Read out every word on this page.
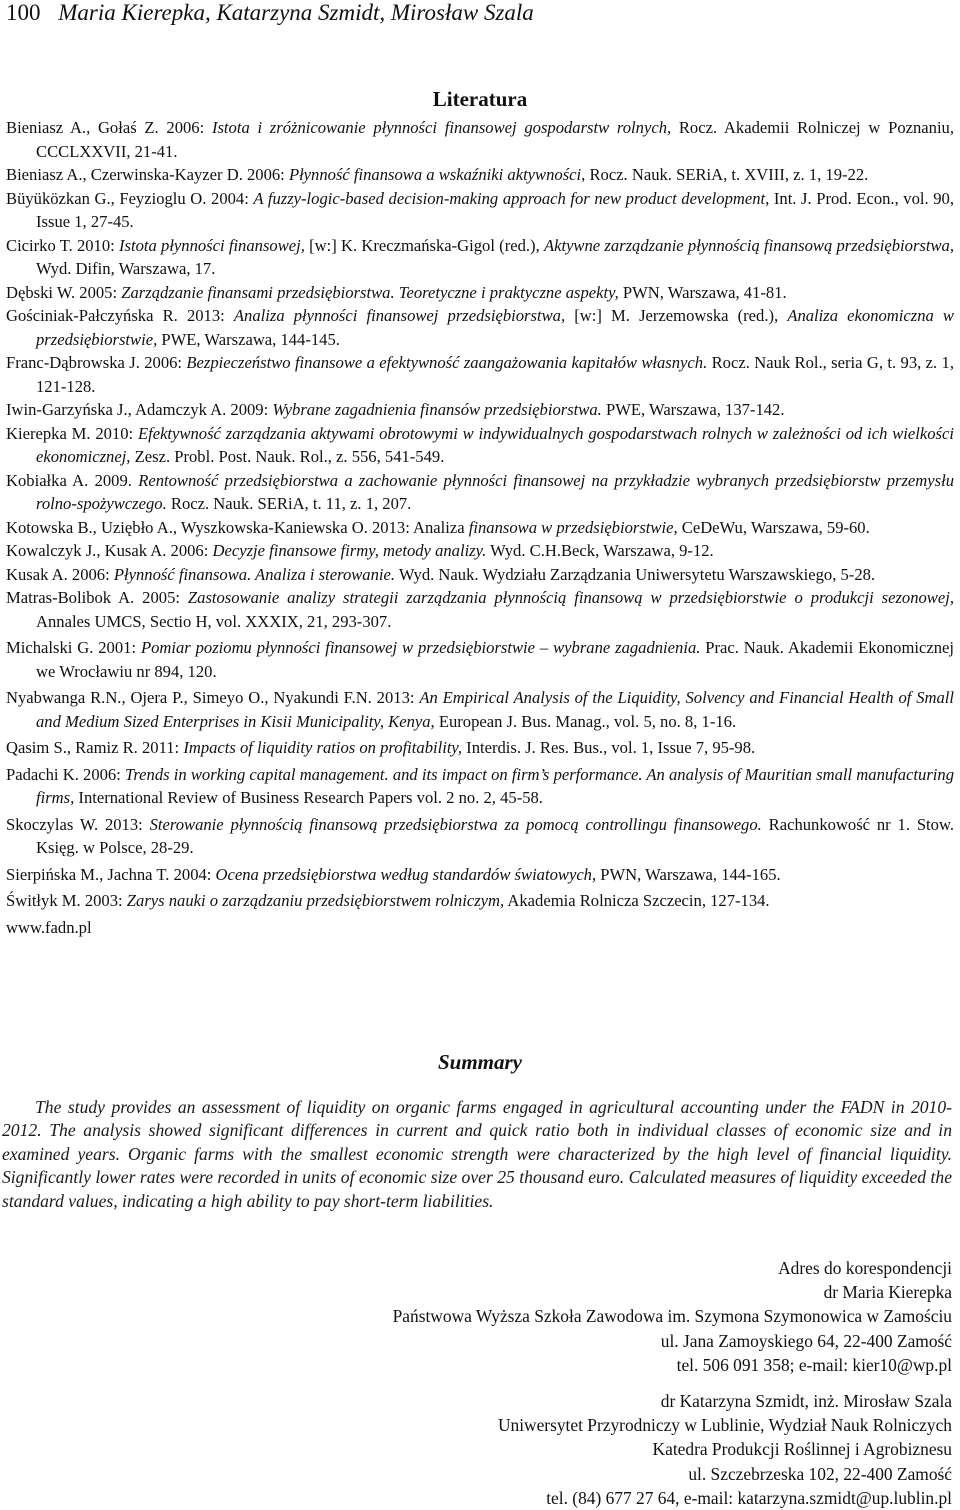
100 Maria Kierepka, Katarzyna Szmidt, Mirosław Szala
Literatura
Bieniasz A., Gołaś Z. 2006: Istota i zróżnicowanie płynności finansowej gospodarstw rolnych, Rocz. Akademii Rolniczej w Poznaniu, CCCLXXVII, 21-41.
Bieniasz A., Czerwinska-Kayzer D. 2006: Płynność finansowa a wskaźniki aktywności, Rocz. Nauk. SERiA, t. XVIII, z. 1, 19-22.
Büyüközkan G., Feyzioglu O. 2004: A fuzzy-logic-based decision-making approach for new product development, Int. J. Prod. Econ., vol. 90, Issue 1, 27-45.
Cicirko T. 2010: Istota płynności finansowej, [w:] K. Kreczmańska-Gigol (red.), Aktywne zarządzanie płynnością finansową przedsiębiorstwa, Wyd. Difin, Warszawa, 17.
Dębski W. 2005: Zarządzanie finansami przedsiębiorstwa. Teoretyczne i praktyczne aspekty, PWN, Warszawa, 41-81.
Gościniak-Pałczyńska R. 2013: Analiza płynności finansowej przedsiębiorstwa, [w:] M. Jerzemowska (red.), Analiza ekonomiczna w przedsiębiorstwie, PWE, Warszawa, 144-145.
Franc-Dąbrowska J. 2006: Bezpieczeństwo finansowe a efektywność zaangażowania kapitałów własnych. Rocz. Nauk Rol., seria G, t. 93, z. 1, 121-128.
Iwin-Garzyńska J., Adamczyk A. 2009: Wybrane zagadnienia finansów przedsiębiorstwa. PWE, Warszawa, 137-142.
Kierepka M. 2010: Efektywność zarządzania aktywami obrotowymi w indywidualnych gospodarstwach rolnych w zależności od ich wielkości ekonomicznej, Zesz. Probl. Post. Nauk. Rol., z. 556, 541-549.
Kobiałka A. 2009. Rentowność przedsiębiorstwa a zachowanie płynności finansowej na przykładzie wybranych przedsiębiorstw przemysłu rolno-spożywczego. Rocz. Nauk. SERiA, t. 11, z. 1, 207.
Kotowska B., Uziębło A., Wyszkowska-Kaniewska O. 2013: Analiza finansowa w przedsiębiorstwie, CeDeWu, Warszawa, 59-60.
Kowalczyk J., Kusak A. 2006: Decyzje finansowe firmy, metody analizy. Wyd. C.H.Beck, Warszawa, 9-12.
Kusak A. 2006: Płynność finansowa. Analiza i sterowanie. Wyd. Nauk. Wydziału Zarządzania Uniwersytetu Warszawskiego, 5-28.
Matras-Bolibok A. 2005: Zastosowanie analizy strategii zarządzania płynnością finansową w przedsiębiorstwie o produkcji sezonowej, Annales UMCS, Sectio H, vol. XXXIX, 21, 293-307.
Michalski G. 2001: Pomiar poziomu płynności finansowej w przedsiębiorstwie – wybrane zagadnienia. Prac. Nauk. Akademii Ekonomicznej we Wrocławiu nr 894, 120.
Nyabwanga R.N., Ojera P., Simeyo O., Nyakundi F.N. 2013: An Empirical Analysis of the Liquidity, Solvency and Financial Health of Small and Medium Sized Enterprises in Kisii Municipality, Kenya, European J. Bus. Manag., vol. 5, no. 8, 1-16.
Qasim S., Ramiz R. 2011: Impacts of liquidity ratios on profitability, Interdis. J. Res. Bus., vol. 1, Issue 7, 95-98.
Padachi K. 2006: Trends in working capital management. and its impact on firm’s performance. An analysis of Mauritian small manufacturing firms, International Review of Business Research Papers vol. 2 no. 2, 45-58.
Skoczylas W. 2013: Sterowanie płynnością finansową przedsiębiorstwa za pomocą controllingu finansowego. Rachunkowość nr 1. Stow. Księg. w Polsce, 28-29.
Sierpińska M., Jachna T. 2004: Ocena przedsiębiorstwa według standardów światowych, PWN, Warszawa, 144-165.
Świtłyk M. 2003: Zarys nauki o zarządzaniu przedsiębiorstwem rolniczym, Akademia Rolnicza Szczecin, 127-134.
www.fadn.pl
Summary
The study provides an assessment of liquidity on organic farms engaged in agricultural accounting under the FADN in 2010-2012. The analysis showed significant differences in current and quick ratio both in individual classes of economic size and in examined years. Organic farms with the smallest economic strength were characterized by the high level of financial liquidity. Significantly lower rates were recorded in units of economic size over 25 thousand euro. Calculated measures of liquidity exceeded the standard values, indicating a high ability to pay short-term liabilities.
Adres do korespondencji
dr Maria Kierepka
Państwowa Wyższa Szkoła Zawodowa im. Szymona Szymonowica w Zamościu
ul. Jana Zamoyskiego 64, 22-400 Zamość
tel. 506 091 358; e-mail: kier10@wp.pl
dr Katarzyna Szmidt, inż. Mirosław Szala
Uniwersytet Przyrodniczy w Lublinie, Wydział Nauk Rolniczych
Katedra Produkcji Roślinnej i Agrobiznesu
ul. Szczebrzeska 102, 22-400 Zamość
tel. (84) 677 27 64, e-mail: katarzyna.szmidt@up.lublin.pl
